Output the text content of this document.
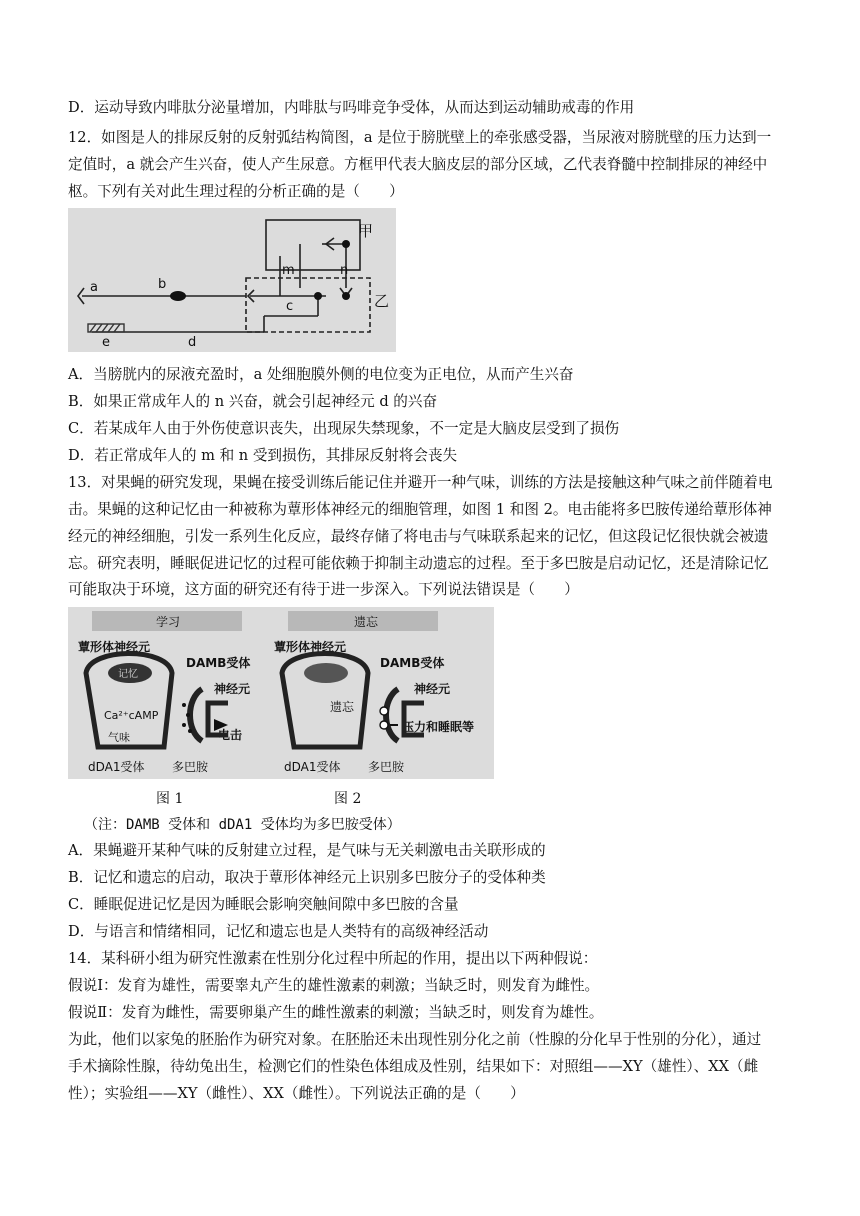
D．运动导致内啡肽分泌量增加，内啡肽与吗啡竞争受体，从而达到运动辅助戒毒的作用
12．如图是人的排尿反射的反射弧结构简图，a 是位于膀胱壁上的牵张感受器，当尿液对膀胱壁的压力达到一
定值时，a 就会产生兴奋，使人产生尿意。方框甲代表大脑皮层的部分区域，乙代表脊髓中控制排尿的神经中
枢。下列有关对此生理过程的分析正确的是（　　）
a	b
c
d
e
m	n
甲
乙
A．当膀胱内的尿液充盈时，a 处细胞膜外侧的电位变为正电位，从而产生兴奋
B．如果正常成年人的 n 兴奋，就会引起神经元 d 的兴奋
C．若某成年人由于外伤使意识丧失，出现尿失禁现象，不一定是大脑皮层受到了损伤
D．若正常成年人的 m 和 n 受到损伤，其排尿反射将会丧失
13．对果蝇的研究发现，果蝇在接受训练后能记住并避开一种气味，训练的方法是接触这种气味之前伴随着电
击。果蝇的这种记忆由一种被称为蕈形体神经元的细胞管理，如图 1 和图 2。电击能将多巴胺传递给蕈形体神
经元的神经细胞，引发一系列生化反应，最终存储了将电击与气味联系起来的记忆，但这段记忆很快就会被遗
忘。研究表明，睡眠促进记忆的过程可能依赖于抑制主动遗忘的过程。至于多巴胺是启动记忆，还是清除记忆
可能取决于环境，这方面的研究还有待于进一步深入。下列说法错误是（　　）
学习
蕈形体神经元
DAMB受体
神经元
Ca²⁺cAMP
电击
气味
dDA1受体 多巴胺
记忆
遗忘
蕈形体神经元
DAMB受体
神经元
遗忘
压力和睡眠等
dDA1受体 多巴胺
图 1	图 2
（注：DAMB 受体和 dDA1 受体均为多巴胺受体）
A．果蝇避开某种气味的反射建立过程，是气味与无关刺激电击关联形成的
B．记忆和遗忘的启动，取决于蕈形体神经元上识别多巴胺分子的受体种类
C．睡眠促进记忆是因为睡眠会影响突触间隙中多巴胺的含量
D．与语言和情绪相同，记忆和遗忘也是人类特有的高级神经活动
14．某科研小组为研究性激素在性别分化过程中所起的作用，提出以下两种假说：
假说Ⅰ：发育为雄性，需要睾丸产生的雄性激素的刺激；当缺乏时，则发育为雌性。
假说Ⅱ：发育为雌性，需要卵巢产生的雌性激素的刺激；当缺乏时，则发育为雄性。
为此，他们以家兔的胚胎作为研究对象。在胚胎还未出现性别分化之前（性腺的分化早于性别的分化），通过
手术摘除性腺，待幼兔出生，检测它们的性染色体组成及性别，结果如下：对照组——XY（雄性）、XX（雌
性）；实验组——XY（雌性）、XX（雌性）。下列说法正确的是（　　）
